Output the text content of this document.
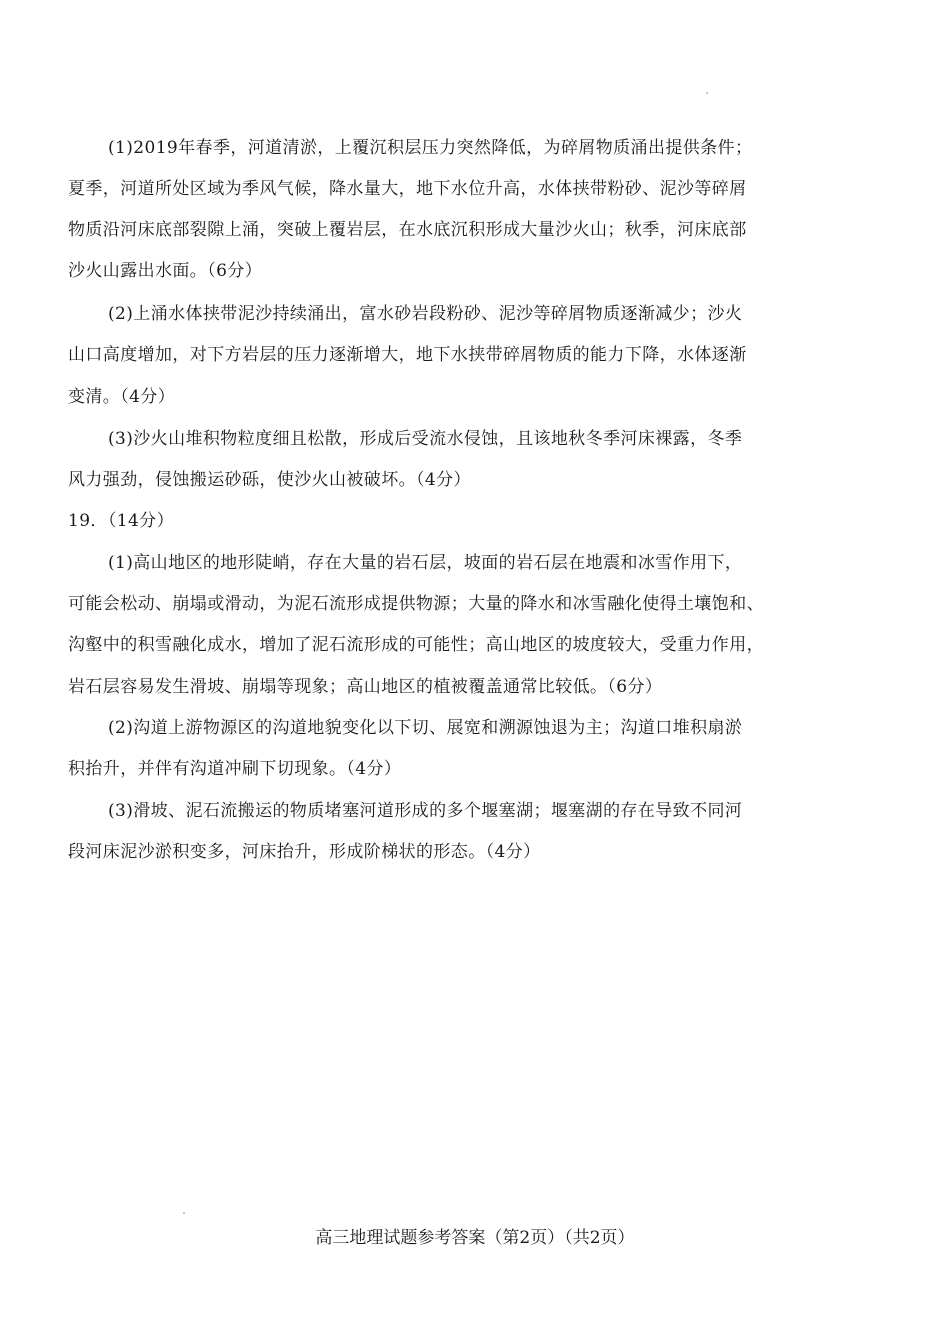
(1)2019年春季，河道清淤，上覆沉积层压力突然降低，为碎屑物质涌出提供条件；
夏季，河道所处区域为季风气候，降水量大，地下水位升高，水体挟带粉砂、泥沙等碎屑
物质沿河床底部裂隙上涌，突破上覆岩层，在水底沉积形成大量沙火山；秋季，河床底部
沙火山露出水面。（6分）
(2)上涌水体挟带泥沙持续涌出，富水砂岩段粉砂、泥沙等碎屑物质逐渐减少；沙火
山口高度增加，对下方岩层的压力逐渐增大，地下水挟带碎屑物质的能力下降，水体逐渐
变清。（4分）
(3)沙火山堆积物粒度细且松散，形成后受流水侵蚀，且该地秋冬季河床裸露，冬季
风力强劲，侵蚀搬运砂砾，使沙火山被破坏。（4分）
19．（14分）
(1)高山地区的地形陡峭，存在大量的岩石层，坡面的岩石层在地震和冰雪作用下，
可能会松动、崩塌或滑动，为泥石流形成提供物源；大量的降水和冰雪融化使得土壤饱和、
沟壑中的积雪融化成水，增加了泥石流形成的可能性；高山地区的坡度较大，受重力作用，
岩石层容易发生滑坡、崩塌等现象；高山地区的植被覆盖通常比较低。（6分）
(2)沟道上游物源区的沟道地貌变化以下切、展宽和溯源蚀退为主；沟道口堆积扇淤
积抬升，并伴有沟道冲刷下切现象。（4分）
(3)滑坡、泥石流搬运的物质堵塞河道形成的多个堰塞湖；堰塞湖的存在导致不同河
段河床泥沙淤积变多，河床抬升，形成阶梯状的形态。（4分）
高三地理试题参考答案（第2页）（共2页）
